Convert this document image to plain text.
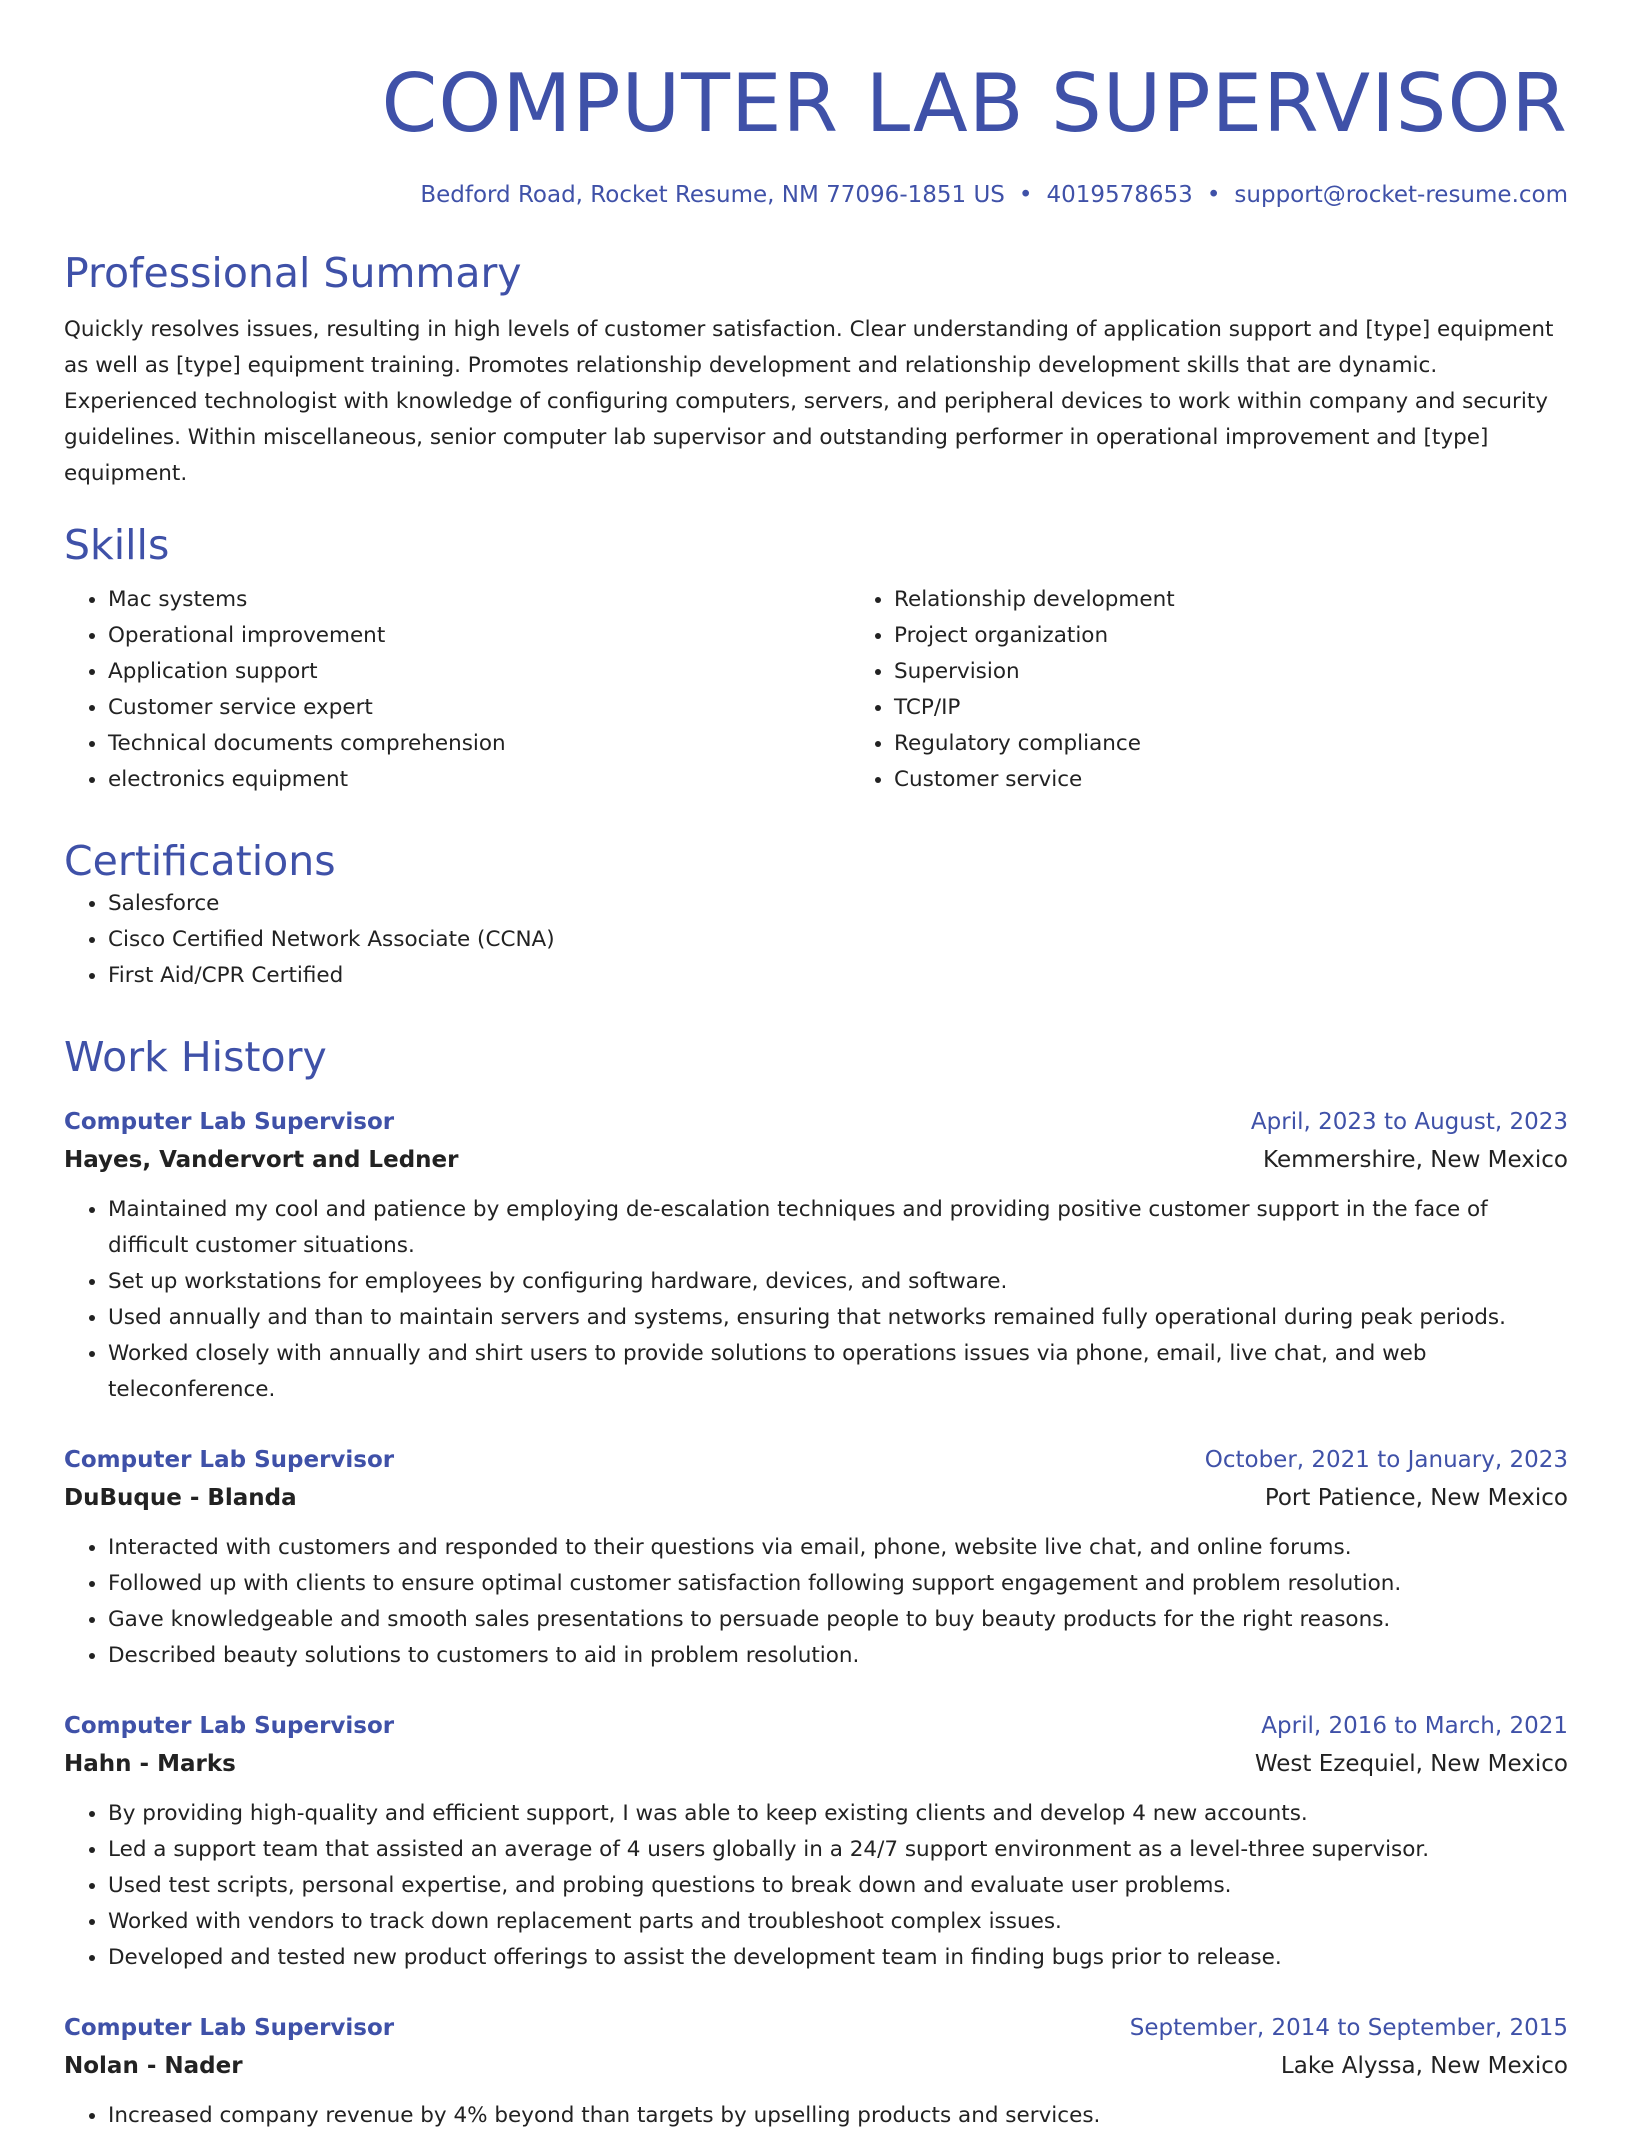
COMPUTER LAB SUPERVISOR
Bedford Road, Rocket Resume, NM 77096-1851 US • 4019578653 • support@rocket-resume.com
Professional Summary

Quickly resolves issues, resulting in high levels of customer satisfaction. Clear understanding of application support and [type] equipment as well as [type] equipment training. Promotes relationship development and relationship development skills that are dynamic. Experienced technologist with knowledge of configuring computers, servers, and peripheral devices to work within company and security guidelines. Within miscellaneous, senior computer lab supervisor and outstanding performer in operational improvement and [type] equipment.

Skills
• Mac systems
• Operational improvement
• Application support
• Customer service expert
• Technical documents comprehension
• electronics equipment
• Relationship development
• Project organization
• Supervision
• TCP/IP
• Regulatory compliance
• Customer service
Certifications
• Salesforce
• Cisco Certified Network Associate (CCNA)
• First Aid/CPR Certified
Work History
Computer Lab Supervisor	April, 2023 to August, 2023
Hayes, Vandervort and Ledner	Kemmershire, New Mexico
• Maintained my cool and patience by employing de-escalation techniques and providing positive customer support in the face of difficult customer situations.
• Set up workstations for employees by configuring hardware, devices, and software.
• Used annually and than to maintain servers and systems, ensuring that networks remained fully operational during peak periods.
• Worked closely with annually and shirt users to provide solutions to operations issues via phone, email, live chat, and web teleconference.
Computer Lab Supervisor	October, 2021 to January, 2023
DuBuque - Blanda	Port Patience, New Mexico
• Interacted with customers and responded to their questions via email, phone, website live chat, and online forums.
• Followed up with clients to ensure optimal customer satisfaction following support engagement and problem resolution.
• Gave knowledgeable and smooth sales presentations to persuade people to buy beauty products for the right reasons.
• Described beauty solutions to customers to aid in problem resolution.
Computer Lab Supervisor	April, 2016 to March, 2021
Hahn - Marks	West Ezequiel, New Mexico
• By providing high-quality and efficient support, I was able to keep existing clients and develop 4 new accounts.
• Led a support team that assisted an average of 4 users globally in a 24/7 support environment as a level-three supervisor.
• Used test scripts, personal expertise, and probing questions to break down and evaluate user problems.
• Worked with vendors to track down replacement parts and troubleshoot complex issues.
• Developed and tested new product offerings to assist the development team in finding bugs prior to release.
Computer Lab Supervisor	September, 2014 to September, 2015
Nolan - Nader	Lake Alyssa, New Mexico
• Increased company revenue by 4% beyond than targets by upselling products and services.
